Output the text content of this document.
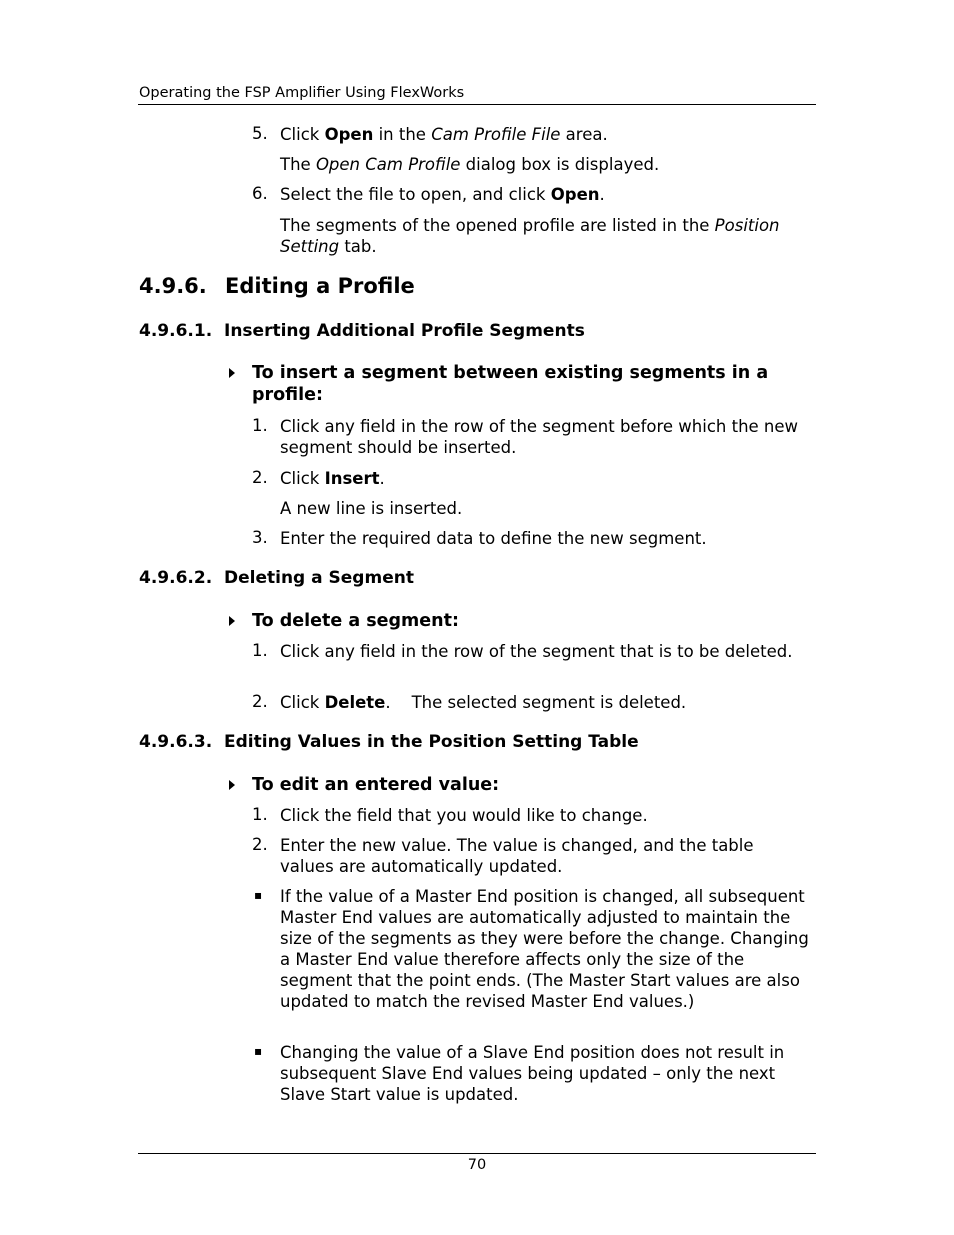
Operating the FSP Amplifier Using FlexWorks
5. Click Open in the Cam Profile File area.
The Open Cam Profile dialog box is displayed.
6. Select the file to open, and click Open.
The segments of the opened profile are listed in the Position Setting tab.
4.9.6. Editing a Profile
4.9.6.1. Inserting Additional Profile Segments
To insert a segment between existing segments in a profile:
1. Click any field in the row of the segment before which the new segment should be inserted.
2. Click Insert.
A new line is inserted.
3. Enter the required data to define the new segment.
4.9.6.2. Deleting a Segment
To delete a segment:
1. Click any field in the row of the segment that is to be deleted.
2. Click Delete.    The selected segment is deleted.
4.9.6.3. Editing Values in the Position Setting Table
To edit an entered value:
1. Click the field that you would like to change.
2. Enter the new value. The value is changed, and the table values are automatically updated.
▪ If the value of a Master End position is changed, all subsequent Master End values are automatically adjusted to maintain the size of the segments as they were before the change. Changing a Master End value therefore affects only the size of the segment that the point ends. (The Master Start values are also updated to match the revised Master End values.)
▪ Changing the value of a Slave End position does not result in subsequent Slave End values being updated – only the next Slave Start value is updated.
70
